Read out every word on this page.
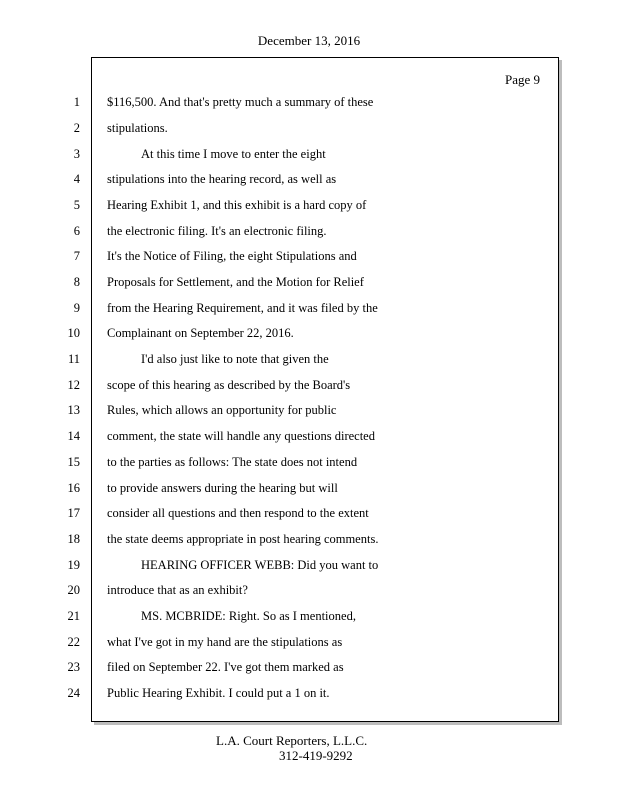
December 13, 2016
Page 9
1 $116,500. And that's pretty much a summary of these
2 stipulations.
3	At this time I move to enter the eight
4 stipulations into the hearing record, as well as
5 Hearing Exhibit 1, and this exhibit is a hard copy of
6 the electronic filing. It's an electronic filing.
7 It's the Notice of Filing, the eight Stipulations and
8 Proposals for Settlement, and the Motion for Relief
9 from the Hearing Requirement, and it was filed by the
10 Complainant on September 22, 2016.
11	I'd also just like to note that given the
12 scope of this hearing as described by the Board's
13 Rules, which allows an opportunity for public
14 comment, the state will handle any questions directed
15 to the parties as follows: The state does not intend
16 to provide answers during the hearing but will
17 consider all questions and then respond to the extent
18 the state deems appropriate in post hearing comments.
19	HEARING OFFICER WEBB: Did you want to
20 introduce that as an exhibit?
21	MS. MCBRIDE: Right. So as I mentioned,
22 what I've got in my hand are the stipulations as
23 filed on September 22. I've got them marked as
24 Public Hearing Exhibit. I could put a 1 on it.
L.A. Court Reporters, L.L.C.
312-419-9292
